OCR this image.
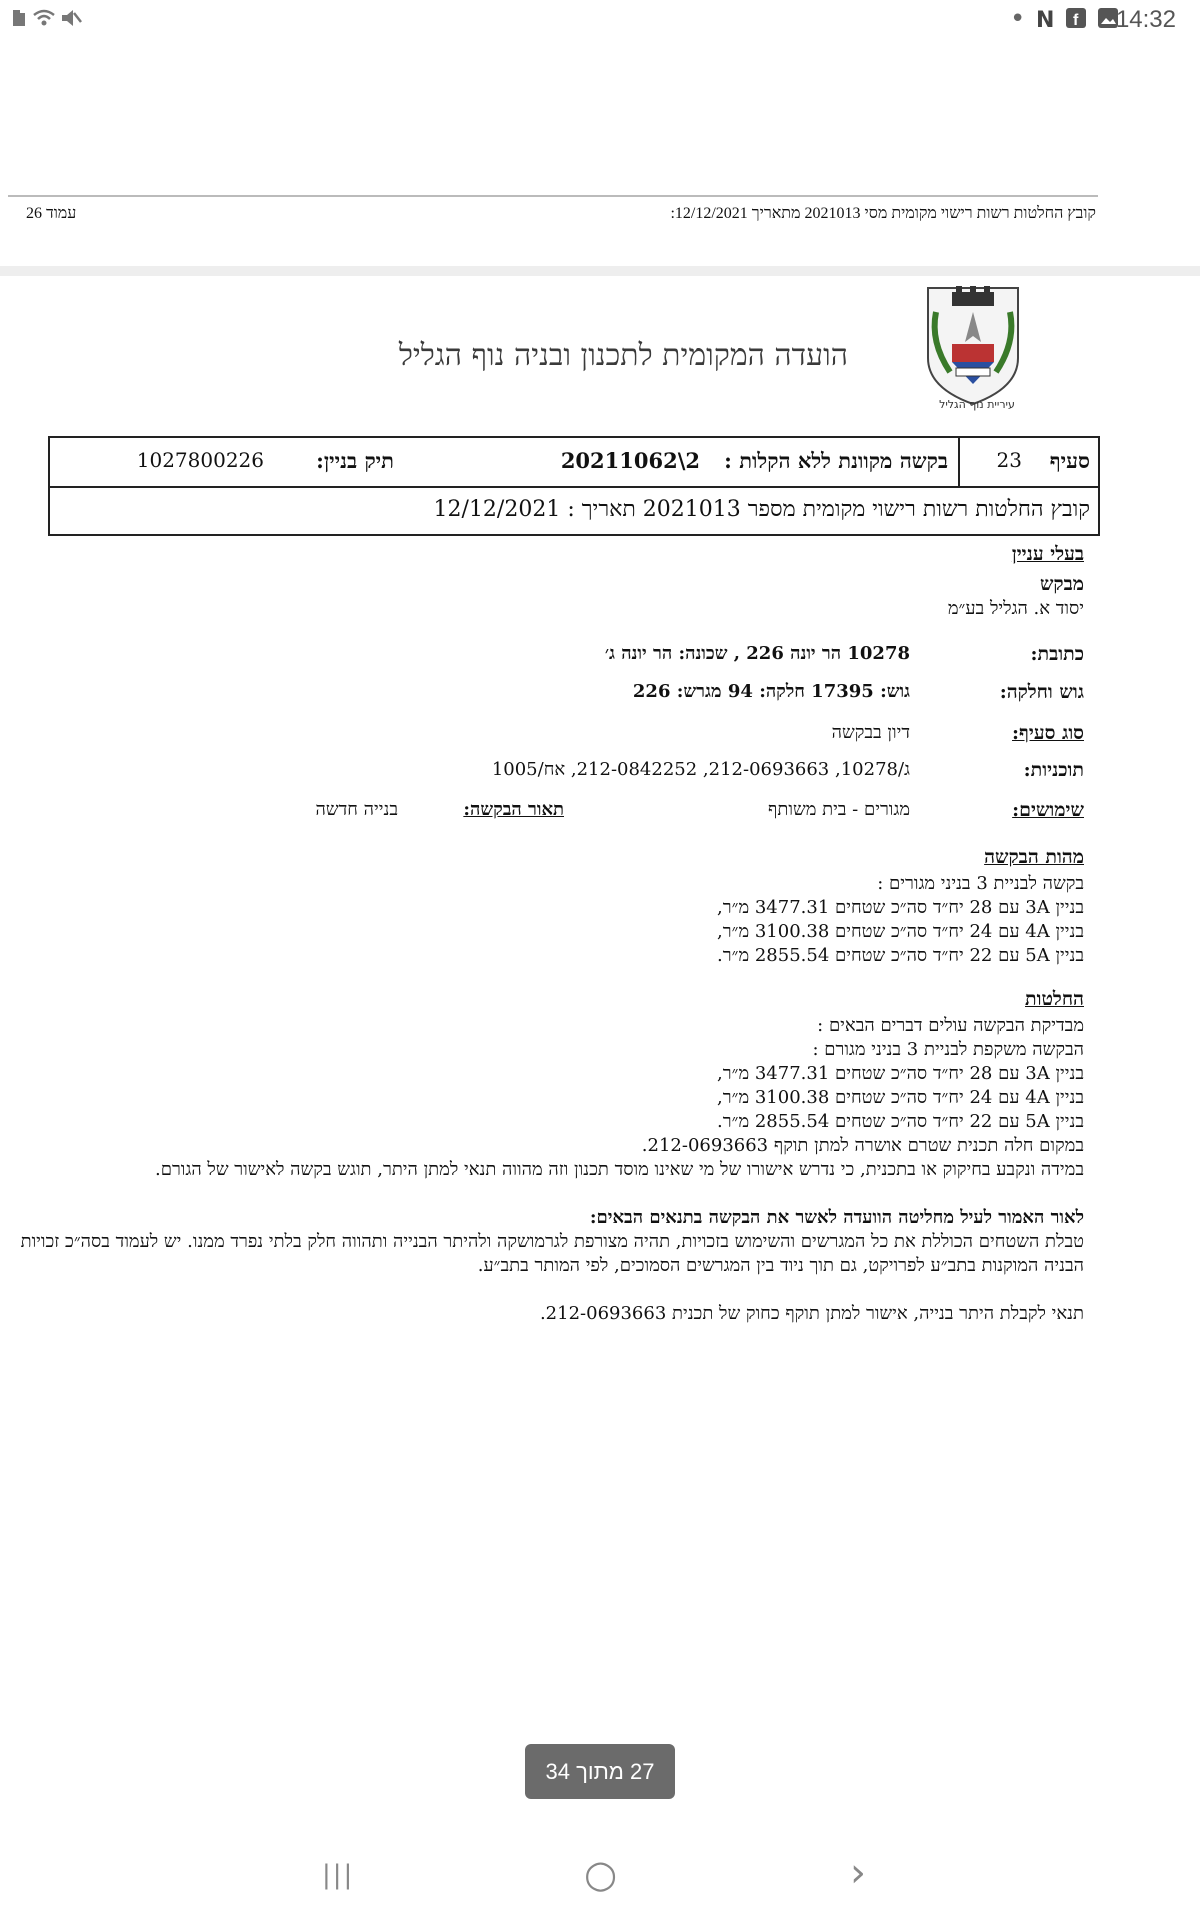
• N f 14:32
קובץ החלטות רשות רישוי מקומית מסי 2021013 מתאריך 12/12/2021:
עמוד 26
הועדה המקומית לתכנון ובניה נוף הגליל
עיריית נוף הגליל
סעיף
23
בקשה מקוונת ללא הקלות :
20211062\2
תיק בניין:
1027800226
קובץ החלטות רשות רישוי מקומית מספר 2021013 תאריך : 12/12/2021
בעלי עניין
מבקש
יסוד א. הגליל בע״מ
כתובת:
10278 הר יונה 226 , שכונה: הר יונה ג׳
גוש וחלקה:
גוש: 17395 חלקה: 94 מגרש: 226
סוג סעיף:
דיון בבקשה
תוכניות:
ג/10278, 212-0693663, 212-0842252, אח/1005
שימושים:
מגורים - בית משותף
תאור הבקשה:
בנייה חדשה
מהות הבקשה
בקשה לבניית 3 בניני מגורים :
בניין 3A עם 28 יח״ד סה״כ שטחים 3477.31 מ״ר,
בניין 4A עם 24 יח״ד סה״כ שטחים 3100.38 מ״ר,
בניין 5A עם 22 יח״ד סה״כ שטחים 2855.54 מ״ר.
החלטות
מבדיקת הבקשה עולים דברים הבאים :
הבקשה משקפת לבניית 3 בניני מגורם :
בניין 3A עם 28 יח״ד סה״כ שטחים 3477.31 מ״ר,
בניין 4A עם 24 יח״ד סה״כ שטחים 3100.38 מ״ר,
בניין 5A עם 22 יח״ד סה״כ שטחים 2855.54 מ״ר.
במקום חלה תכנית שטרם אושרה למתן תוקף 212-0693663.
במידה ונקבע בחיקוק או בתכנית, כי נדרש אישורו של מי שאינו מוסד תכנון וזה מהווה תנאי למתן היתר, תוגש בקשה לאישור של הגורם.
לאור האמור לעיל מחליטה הוועדה לאשר את הבקשה בתנאים הבאים:
טבלת השטחים הכוללת את כל המגרשים והשימוש בזכויות, תהיה מצורפת לגרמושקה ולהיתר הבנייה ותהווה חלק בלתי נפרד ממנו. יש לעמוד בסה״כ זכויות הבניה המוקנות בתב״ע לפרויקט, גם תוך ניוד בין המגרשים הסמוכים, לפי המותר בתב״ע.
תנאי לקבלת היתר בנייה, אישור למתן תוקף כחוק של תכנית 212-0693663.
27 מתוך 34
|||	○	›
